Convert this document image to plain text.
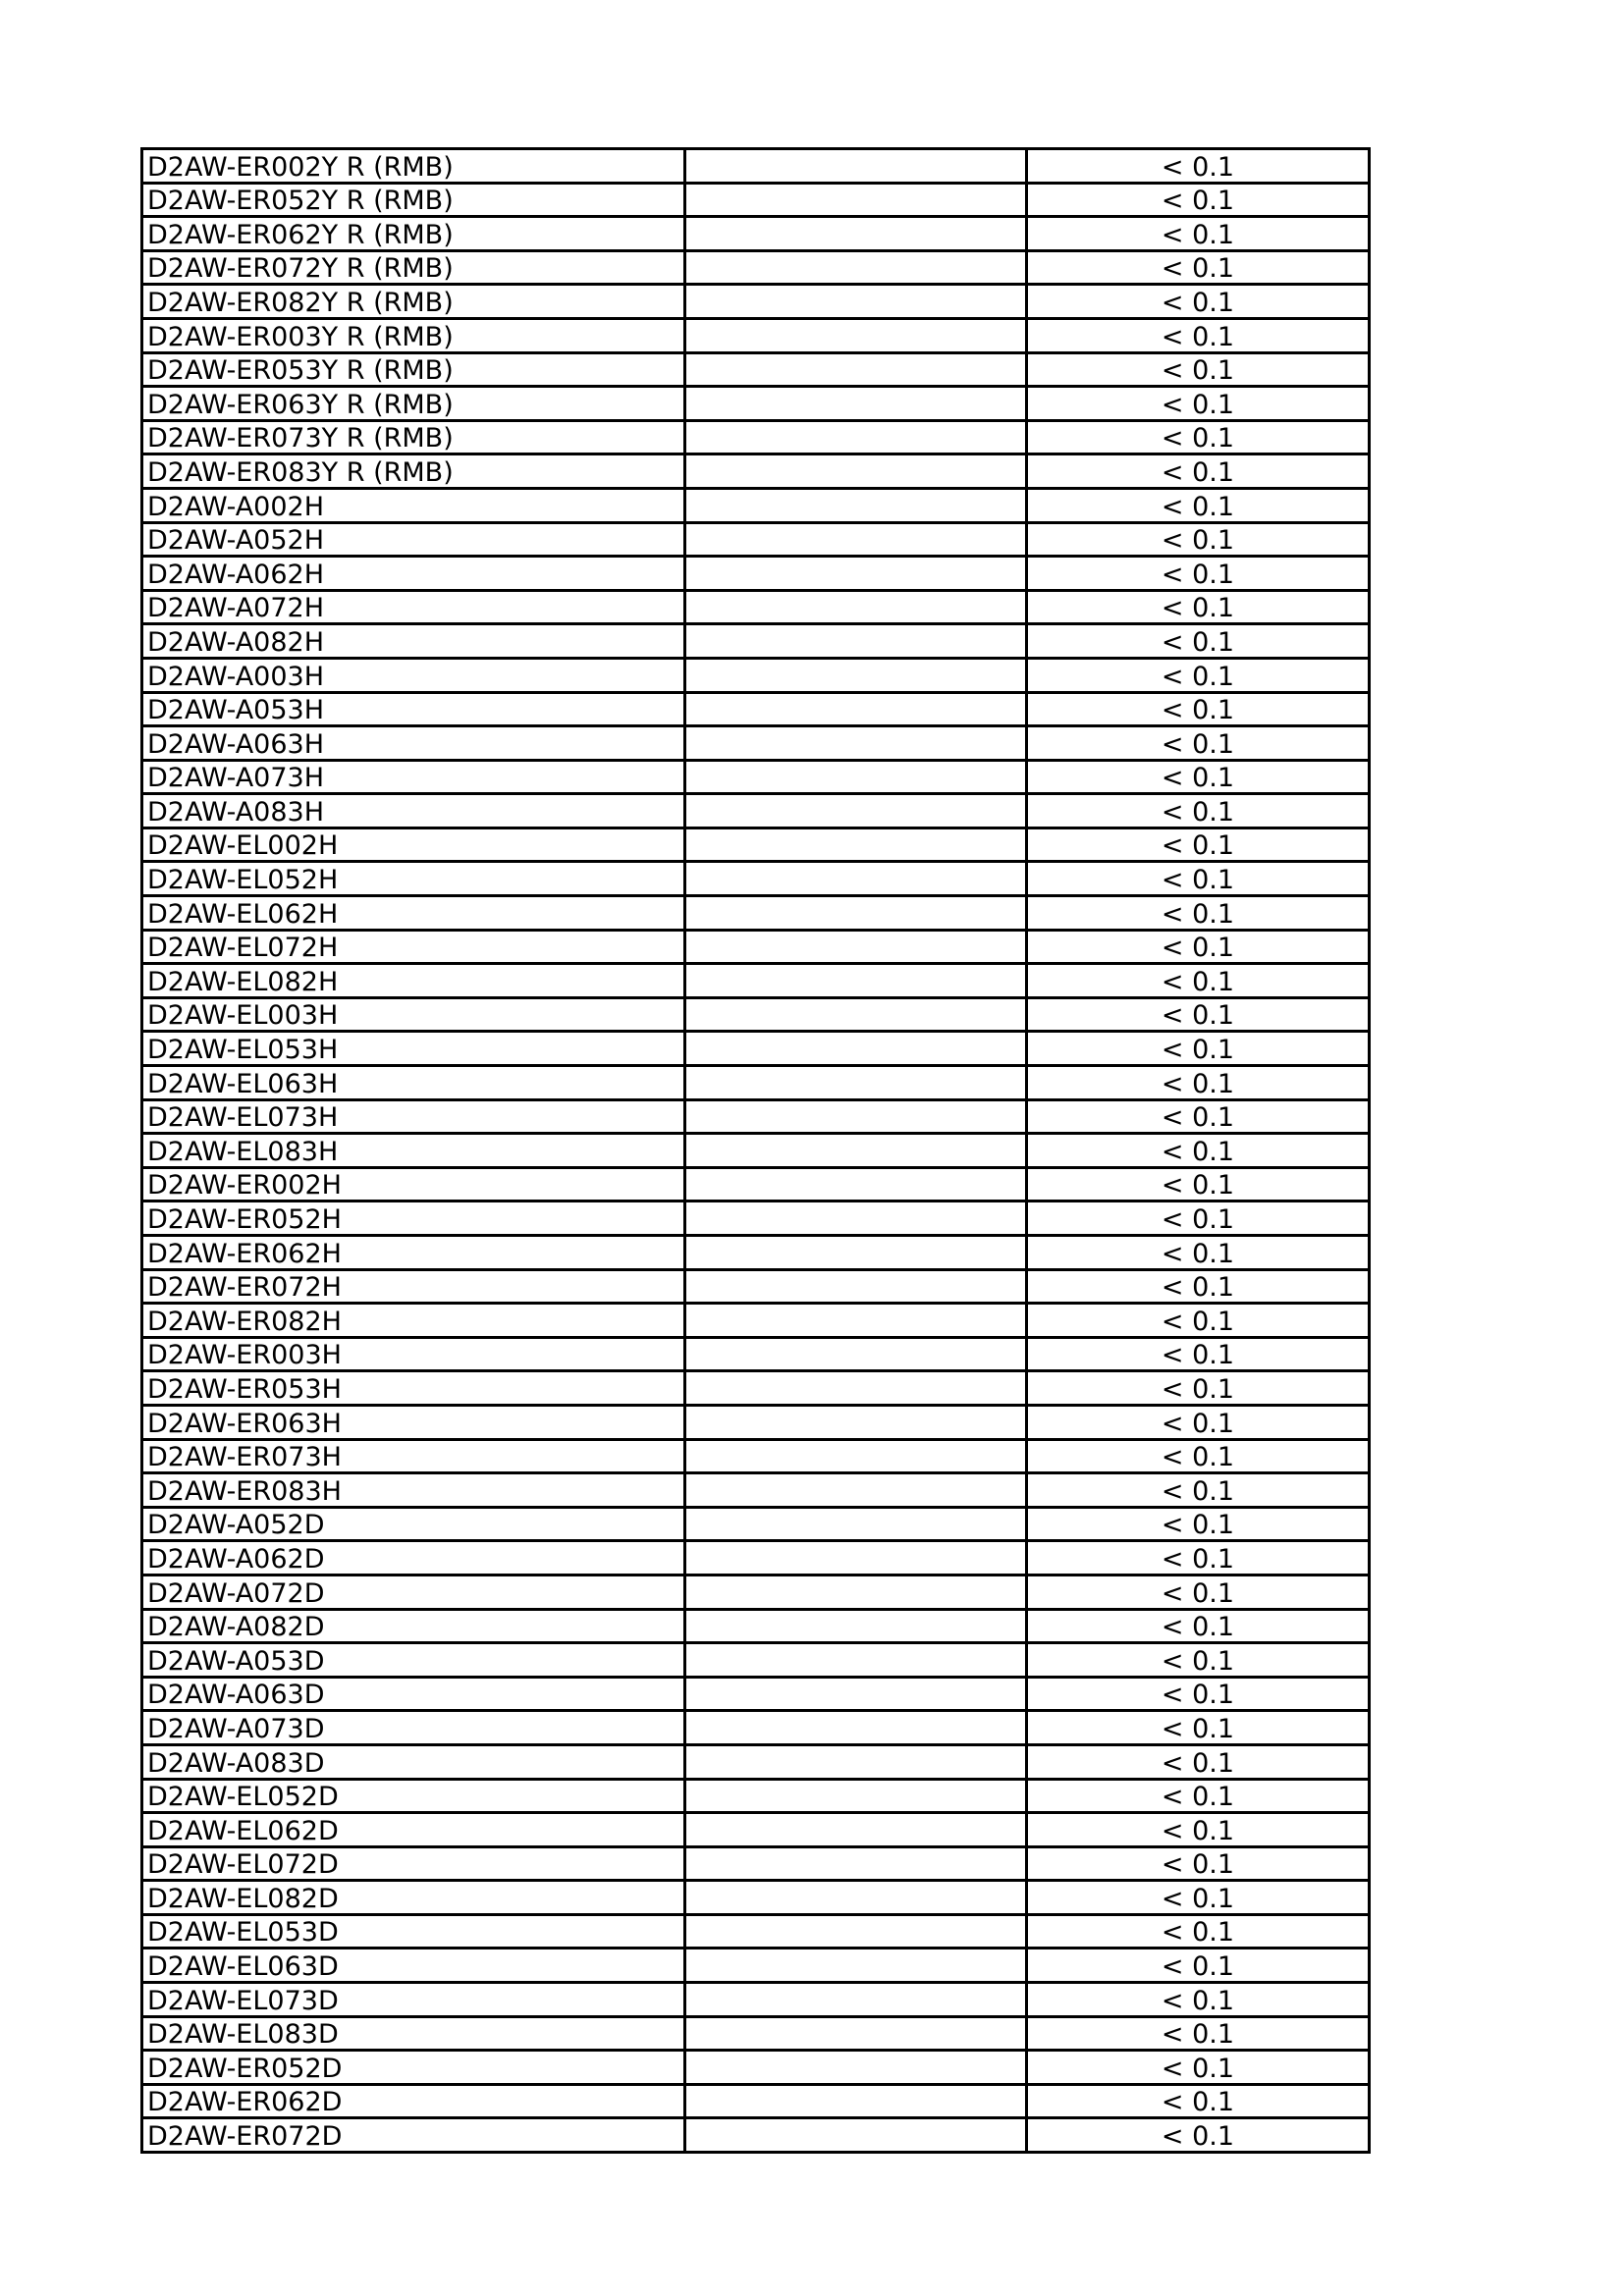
D2AW-ER002Y R (RMB)		< 0.1
D2AW-ER052Y R (RMB)		< 0.1
D2AW-ER062Y R (RMB)		< 0.1
D2AW-ER072Y R (RMB)		< 0.1
D2AW-ER082Y R (RMB)		< 0.1
D2AW-ER003Y R (RMB)		< 0.1
D2AW-ER053Y R (RMB)		< 0.1
D2AW-ER063Y R (RMB)		< 0.1
D2AW-ER073Y R (RMB)		< 0.1
D2AW-ER083Y R (RMB)		< 0.1
D2AW-A002H		< 0.1
D2AW-A052H		< 0.1
D2AW-A062H		< 0.1
D2AW-A072H		< 0.1
D2AW-A082H		< 0.1
D2AW-A003H		< 0.1
D2AW-A053H		< 0.1
D2AW-A063H		< 0.1
D2AW-A073H		< 0.1
D2AW-A083H		< 0.1
D2AW-EL002H		< 0.1
D2AW-EL052H		< 0.1
D2AW-EL062H		< 0.1
D2AW-EL072H		< 0.1
D2AW-EL082H		< 0.1
D2AW-EL003H		< 0.1
D2AW-EL053H		< 0.1
D2AW-EL063H		< 0.1
D2AW-EL073H		< 0.1
D2AW-EL083H		< 0.1
D2AW-ER002H		< 0.1
D2AW-ER052H		< 0.1
D2AW-ER062H		< 0.1
D2AW-ER072H		< 0.1
D2AW-ER082H		< 0.1
D2AW-ER003H		< 0.1
D2AW-ER053H		< 0.1
D2AW-ER063H		< 0.1
D2AW-ER073H		< 0.1
D2AW-ER083H		< 0.1
D2AW-A052D		< 0.1
D2AW-A062D		< 0.1
D2AW-A072D		< 0.1
D2AW-A082D		< 0.1
D2AW-A053D		< 0.1
D2AW-A063D		< 0.1
D2AW-A073D		< 0.1
D2AW-A083D		< 0.1
D2AW-EL052D		< 0.1
D2AW-EL062D		< 0.1
D2AW-EL072D		< 0.1
D2AW-EL082D		< 0.1
D2AW-EL053D		< 0.1
D2AW-EL063D		< 0.1
D2AW-EL073D		< 0.1
D2AW-EL083D		< 0.1
D2AW-ER052D		< 0.1
D2AW-ER062D		< 0.1
D2AW-ER072D		< 0.1
